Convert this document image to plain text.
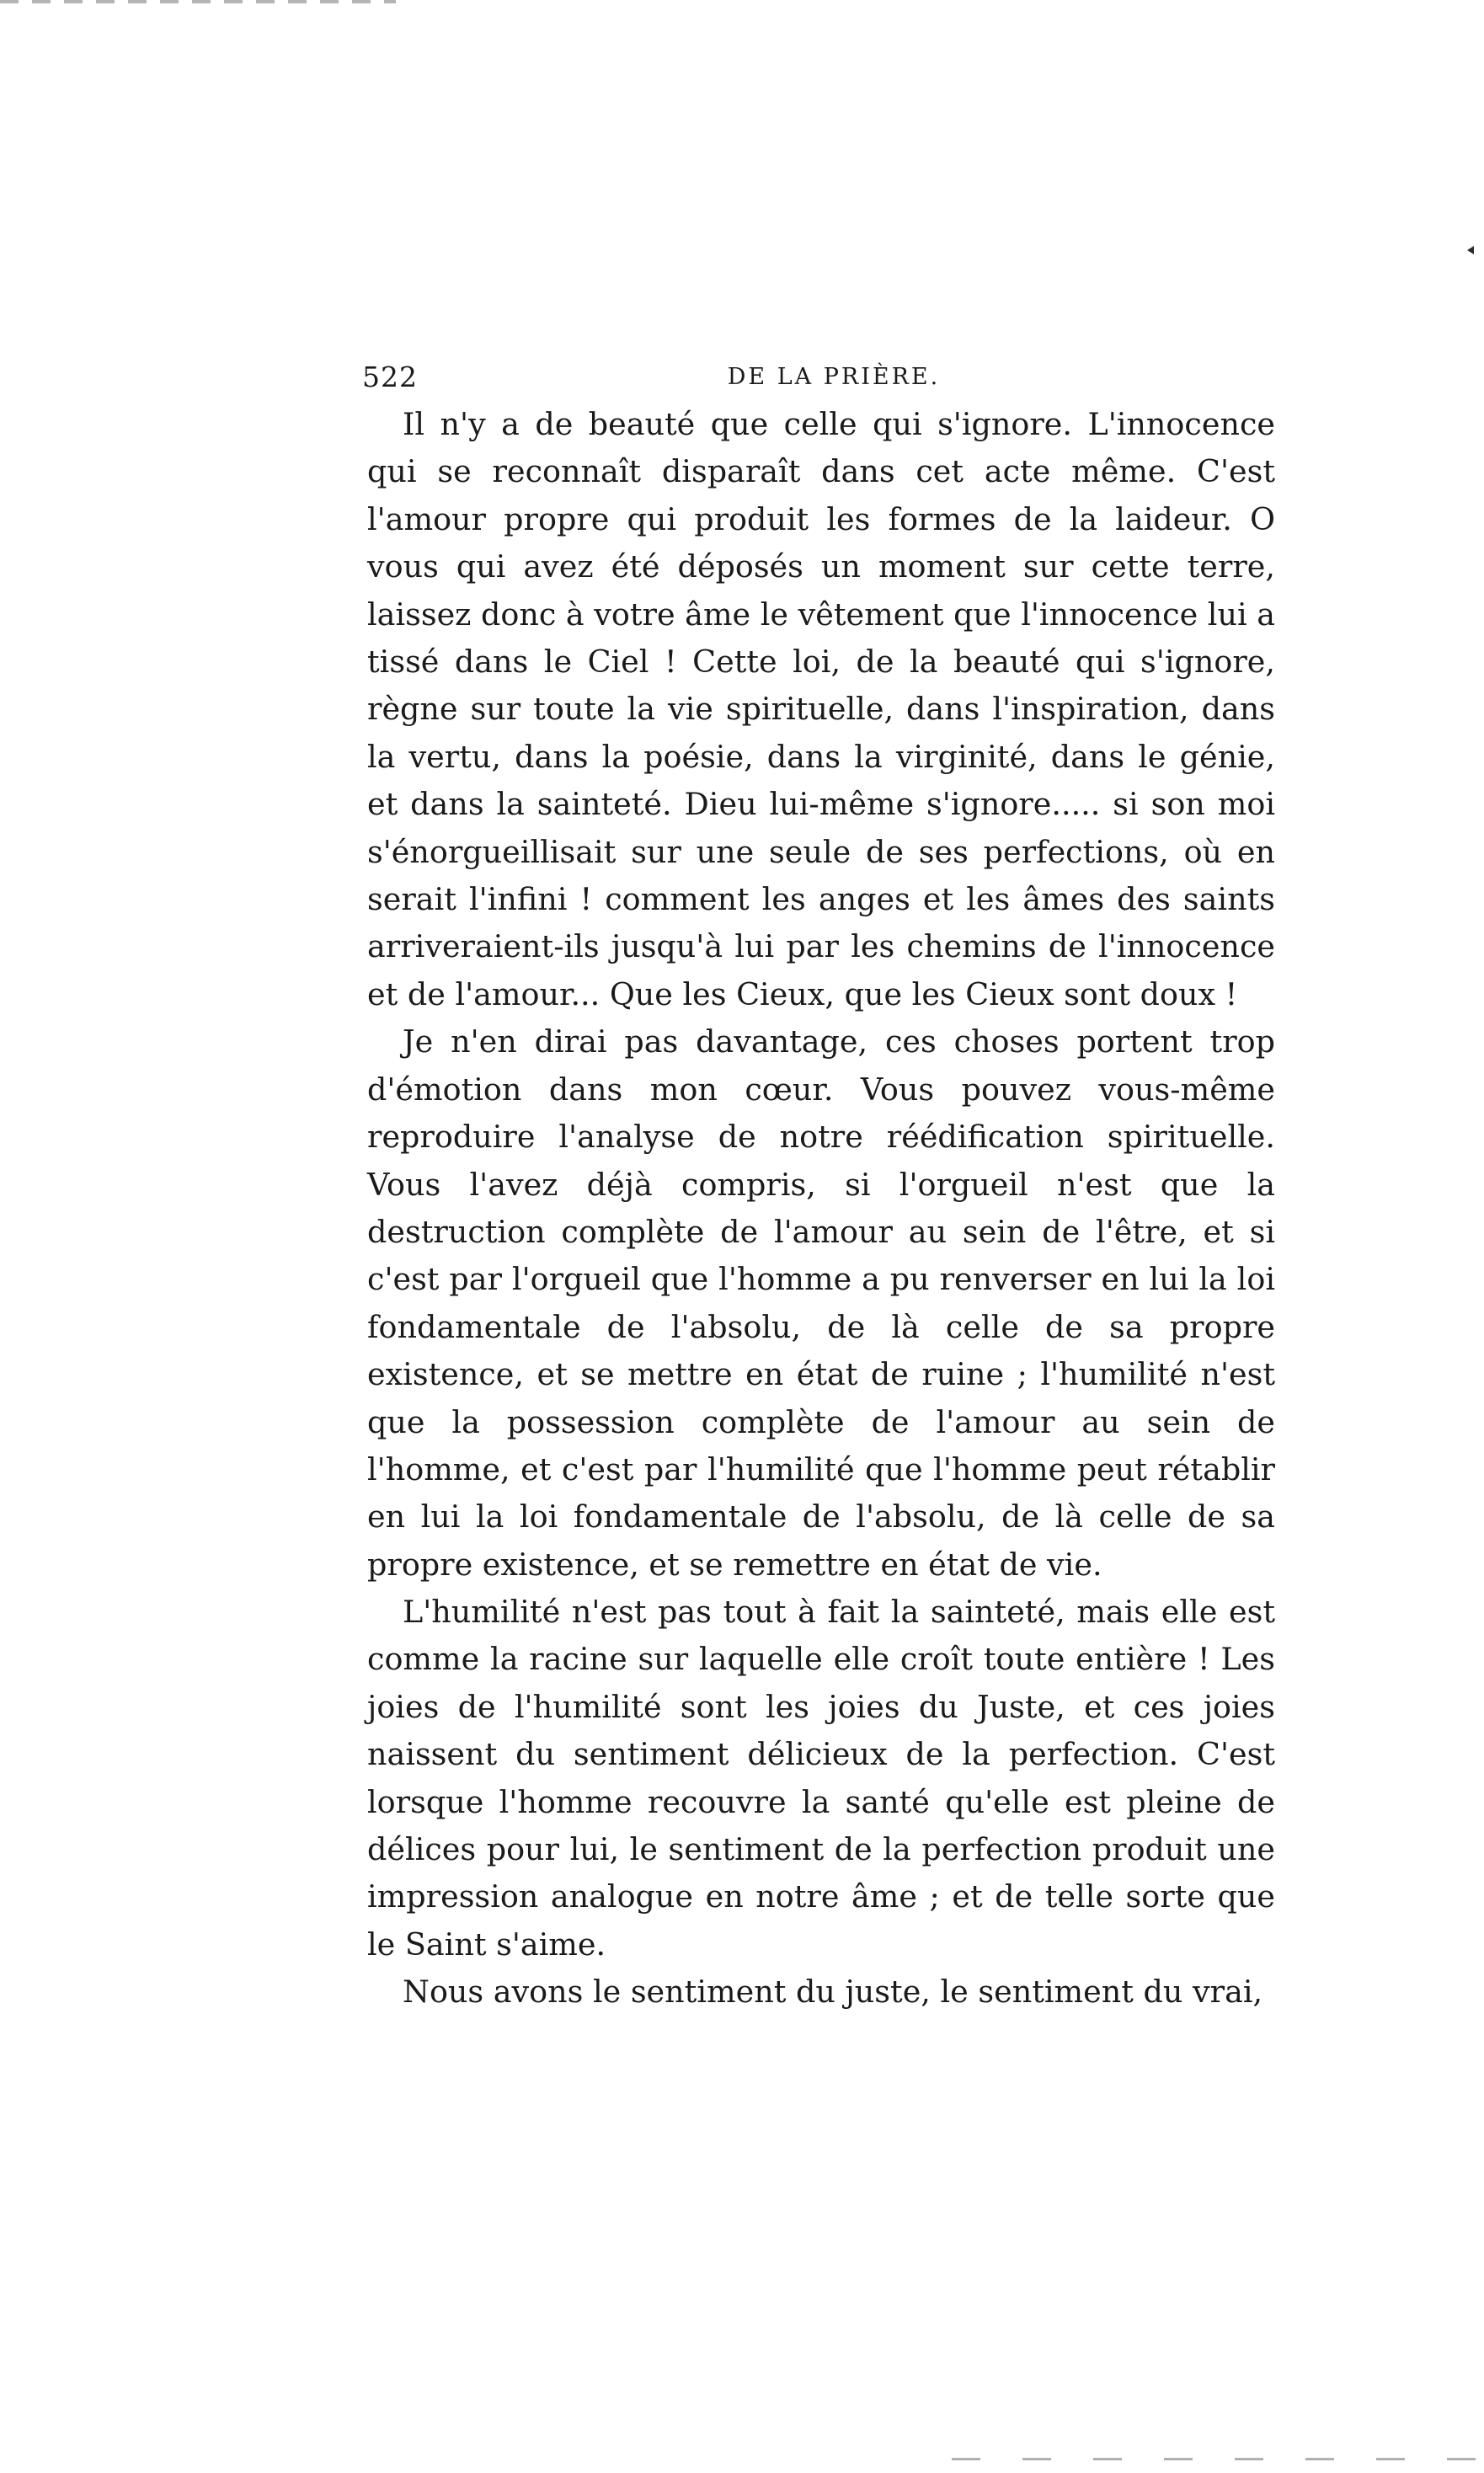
522	DE LA PRIÈRE.

Il n'y a de beauté que celle qui s'ignore. L'innocence qui se reconnaît disparaît dans cet acte même. C'est l'amour propre qui produit les formes de la laideur. O vous qui avez été déposés un moment sur cette terre, laissez donc à votre âme le vêtement que l'innocence lui a tissé dans le Ciel ! Cette loi, de la beauté qui s'ignore, règne sur toute la vie spirituelle, dans l'inspiration, dans la vertu, dans la poésie, dans la virginité, dans le génie, et dans la sainteté. Dieu lui-même s'ignore..... si son moi s'énorgueillisait sur une seule de ses perfections, où en serait l'infini ! comment les anges et les âmes des saints arriveraient-ils jusqu'à lui par les chemins de l'innocence et de l'amour... Que les Cieux, que les Cieux sont doux !

Je n'en dirai pas davantage, ces choses portent trop d'émotion dans mon cœur. Vous pouvez vous-même reproduire l'analyse de notre réédification spirituelle. Vous l'avez déjà compris, si l'orgueil n'est que la destruction complète de l'amour au sein de l'être, et si c'est par l'orgueil que l'homme a pu renverser en lui la loi fondamentale de l'absolu, de là celle de sa propre existence, et se mettre en état de ruine ; l'humilité n'est que la possession complète de l'amour au sein de l'homme, et c'est par l'humilité que l'homme peut rétablir en lui la loi fondamentale de l'absolu, de là celle de sa propre existence, et se remettre en état de vie.

L'humilité n'est pas tout à fait la sainteté, mais elle est comme la racine sur laquelle elle croît toute entière ! Les joies de l'humilité sont les joies du Juste, et ces joies naissent du sentiment délicieux de la perfection. C'est lorsque l'homme recouvre la santé qu'elle est pleine de délices pour lui, le sentiment de la perfection produit une impression analogue en notre âme ; et de telle sorte que le Saint s'aime.

Nous avons le sentiment du juste, le sentiment du vrai,
